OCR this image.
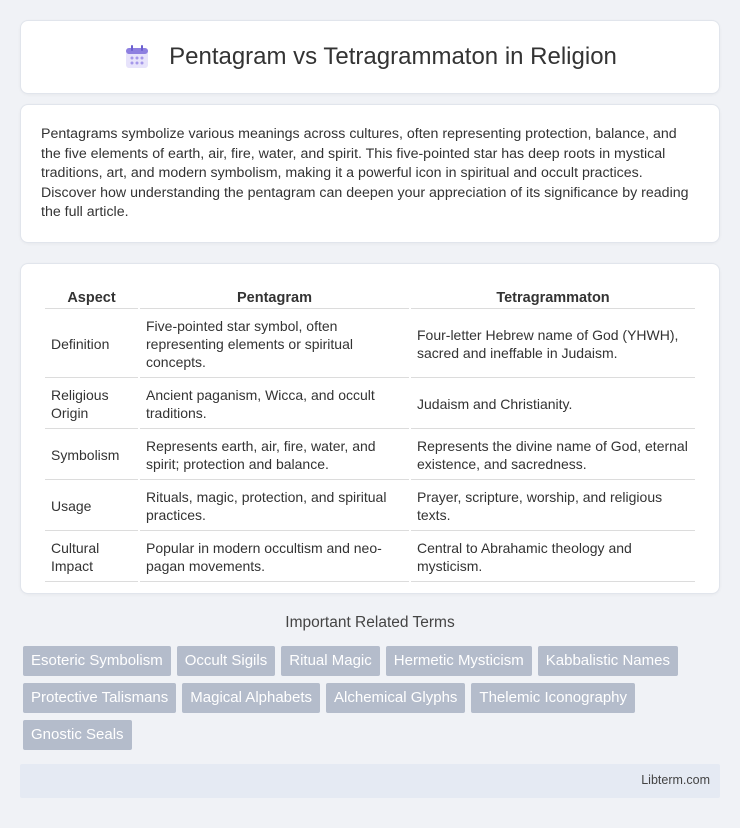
Pentagram vs Tetragrammaton in Religion

Pentagrams symbolize various meanings across cultures, often representing protection, balance, and the five elements of earth, air, fire, water, and spirit. This five-pointed star has deep roots in mystical traditions, art, and modern symbolism, making it a powerful icon in spiritual and occult practices. Discover how understanding the pentagram can deepen your appreciation of its significance by reading the full article.

Aspect	Pentagram	Tetragrammaton
Definition	Five-pointed star symbol, often representing elements or spiritual concepts.	Four-letter Hebrew name of God (YHWH), sacred and ineffable in Judaism.
Religious Origin	Ancient paganism, Wicca, and occult traditions.	Judaism and Christianity.
Symbolism	Represents earth, air, fire, water, and spirit; protection and balance.	Represents the divine name of God, eternal existence, and sacredness.
Usage	Rituals, magic, protection, and spiritual practices.	Prayer, scripture, worship, and religious texts.
Cultural Impact	Popular in modern occultism and neo-pagan movements.	Central to Abrahamic theology and mysticism.
Important Related Terms
Esoteric Symbolism	Occult Sigils	Ritual Magic	Hermetic Mysticism	Kabbalistic Names
Protective Talismans	Magical Alphabets	Alchemical Glyphs	Thelemic Iconography
Gnostic Seals
Libterm.com
